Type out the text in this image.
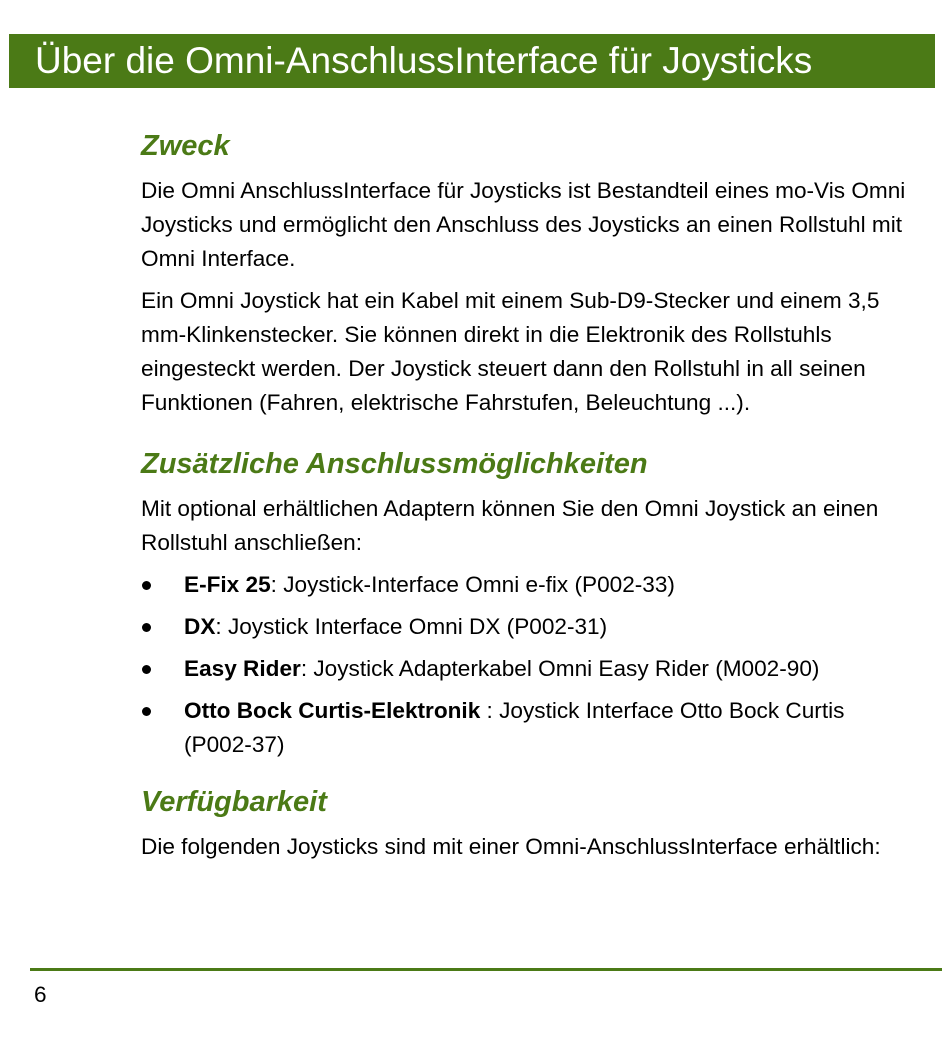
Über die Omni-AnschlussInterface für Joysticks
Zweck

Die Omni AnschlussInterface für Joysticks ist Bestandteil eines mo-Vis Omni Joysticks und ermöglicht den Anschluss des Joysticks an einen Rollstuhl mit Omni Interface.

Ein Omni Joystick hat ein Kabel mit einem Sub-D9-Stecker und einem 3,5 mm-Klinkenstecker. Sie können direkt in die Elektronik des Rollstuhls eingesteckt werden. Der Joystick steuert dann den Rollstuhl in all seinen Funktionen (Fahren, elektrische Fahrstufen, Beleuchtung ...).

Zusätzliche Anschlussmöglichkeiten

Mit optional erhältlichen Adaptern können Sie den Omni Joystick an einen Rollstuhl anschließen:

E-Fix 25: Joystick-Interface Omni e-fix (P002-33)
DX: Joystick Interface Omni DX (P002-31)
Easy Rider: Joystick Adapterkabel Omni Easy Rider (M002-90)
Otto Bock Curtis-Elektronik : Joystick Interface Otto Bock Curtis (P002-37)
Verfügbarkeit

Die folgenden Joysticks sind mit einer Omni-AnschlussInterface erhältlich:

6
